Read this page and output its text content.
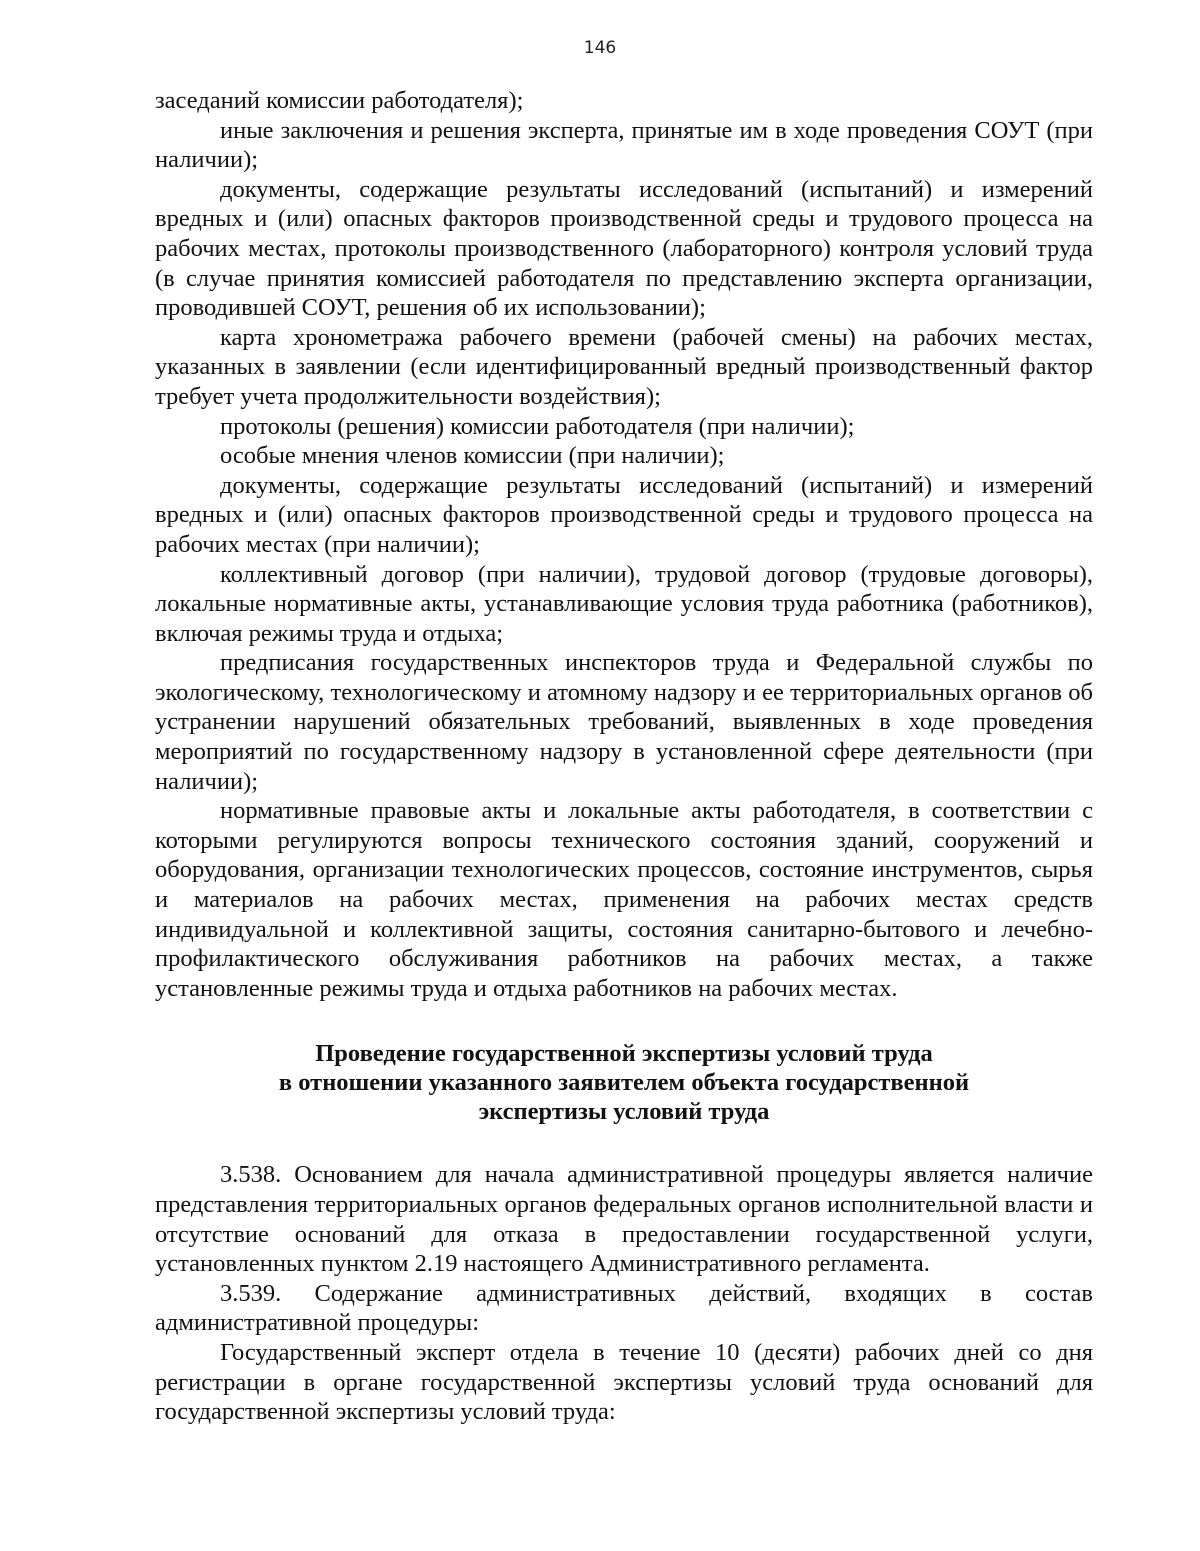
146

заседаний комиссии работодателя);

иные заключения и решения эксперта, принятые им в ходе проведения СОУТ (при наличии);

документы, содержащие результаты исследований (испытаний) и измерений вредных и (или) опасных факторов производственной среды и трудового процесса на рабочих местах, протоколы производственного (лабораторного) контроля условий труда (в случае принятия комиссией работодателя по представлению эксперта организации, проводившей СОУТ, решения об их использовании);

карта хронометража рабочего времени (рабочей смены) на рабочих местах, указанных в заявлении (если идентифицированный вредный производственный фактор требует учета продолжительности воздействия);

протоколы (решения) комиссии работодателя (при наличии);

особые мнения членов комиссии (при наличии);

документы, содержащие результаты исследований (испытаний) и измерений вредных и (или) опасных факторов производственной среды и трудового процесса на рабочих местах (при наличии);

коллективный договор (при наличии), трудовой договор (трудовые договоры), локальные нормативные акты, устанавливающие условия труда работника (работников), включая режимы труда и отдыха;

предписания государственных инспекторов труда и Федеральной службы по экологическому, технологическому и атомному надзору и ее территориальных органов об устранении нарушений обязательных требований, выявленных в ходе проведения мероприятий по государственному надзору в установленной сфере деятельности (при наличии);

нормативные правовые акты и локальные акты работодателя, в соответствии с которыми регулируются вопросы технического состояния зданий, сооружений и оборудования, организации технологических процессов, состояние инструментов, сырья и материалов на рабочих местах, применения на рабочих местах средств индивидуальной и коллективной защиты, состояния санитарно-бытового и лечебно-профилактического обслуживания работников на рабочих местах, а также установленные режимы труда и отдыха работников на рабочих местах.

Проведение государственной экспертизы условий труда
в отношении указанного заявителем объекта государственной
экспертизы условий труда

3.538. Основанием для начала административной процедуры является наличие представления территориальных органов федеральных органов исполнительной власти и отсутствие оснований для отказа в предоставлении государственной услуги, установленных пунктом 2.19 настоящего Административного регламента.

3.539. Содержание административных действий, входящих в состав административной процедуры:

Государственный эксперт отдела в течение 10 (десяти) рабочих дней со дня регистрации в органе государственной экспертизы условий труда оснований для государственной экспертизы условий труда:
